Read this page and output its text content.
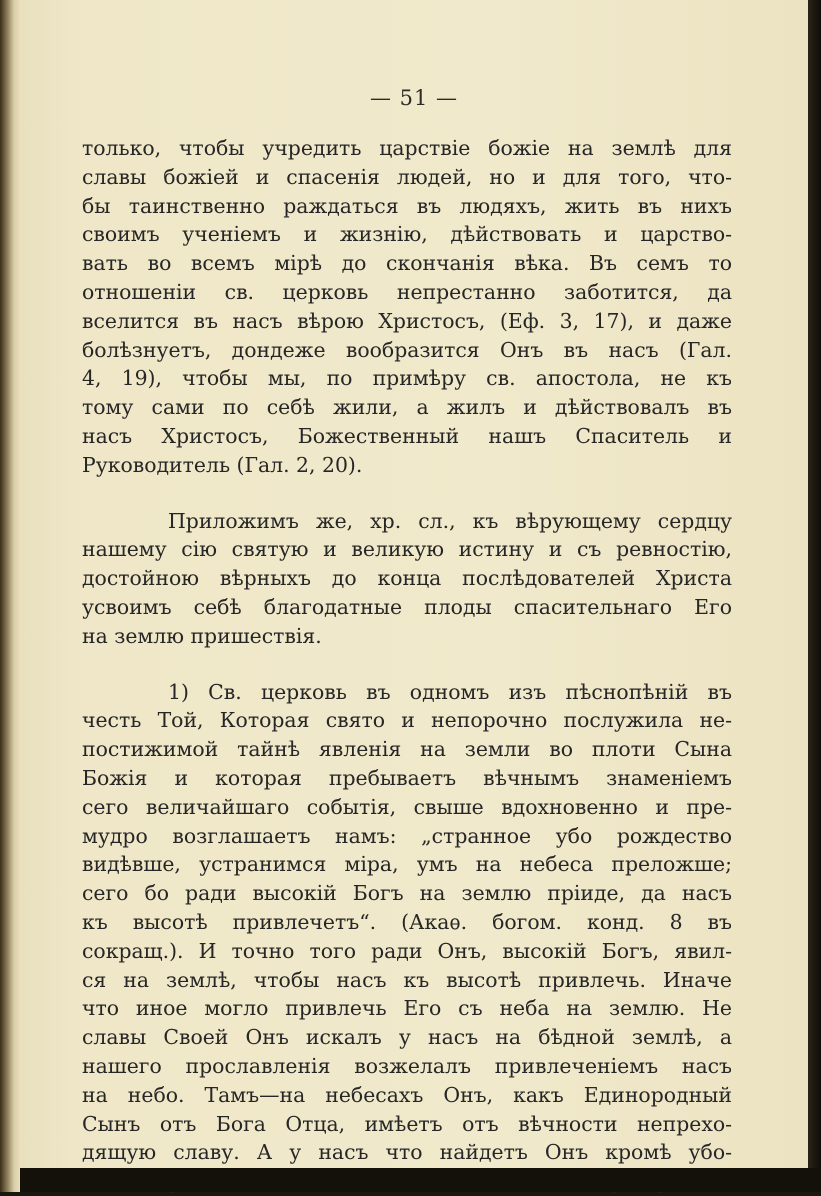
— 51 —
только, чтобы учредить царствіе божіе на землѣ для
славы божіей и спасенія людей, но и для того, что-
бы таинственно раждаться въ людяхъ, жить въ нихъ
своимъ ученіемъ и жизнію, дѣйствовать и царство-
вать во всемъ мірѣ до скончанія вѣка. Въ семъ то
отношеніи св. церковь непрестанно заботится, да
вселится въ насъ вѣрою Христосъ, (Еф. 3, 17), и даже
болѣзнуетъ, дондеже вообразится Онъ въ насъ (Гал.
4, 19), чтобы мы, по примѣру св. апостола, не къ
тому сами по себѣ жили, а жилъ и дѣйствовалъ въ
насъ Христосъ, Божественный нашъ Спаситель и
Руководитель (Гал. 2, 20).
Приложимъ же, хр. сл., къ вѣрующему сердцу
нашему сію святую и великую истину и съ ревностію,
достойною вѣрныхъ до конца послѣдователей Христа
усвоимъ себѣ благодатные плоды спасительнаго Его
на землю пришествія.
1) Св. церковь въ одномъ изъ пѣснопѣній въ
честь Той, Которая свято и непорочно послужила не-
постижимой тайнѣ явленія на земли во плоти Сына
Божія и которая пребываетъ вѣчнымъ знаменіемъ
сего величайшаго событія, свыше вдохновенно и пре-
мудро возглашаетъ намъ: „странное убо рождество
видѣвше, устранимся міра, умъ на небеса преложше;
сего бо ради высокій Богъ на землю пріиде, да насъ
къ высотѣ привлечетъ“. (Акаѳ. богом. конд. 8 въ
сокращ.). И точно того ради Онъ, высокій Богъ, явил-
ся на землѣ, чтобы насъ къ высотѣ привлечь. Иначе
что иное могло привлечь Его съ неба на землю. Не
славы Своей Онъ искалъ у насъ на бѣдной землѣ, а
нашего прославленія возжелалъ привлеченіемъ насъ
на небо. Тамъ—на небесахъ Онъ, какъ Единородный
Сынъ отъ Бога Отца, имѣетъ отъ вѣчности непрехо-
дящую славу. А у насъ что найдетъ Онъ кромѣ убо-
